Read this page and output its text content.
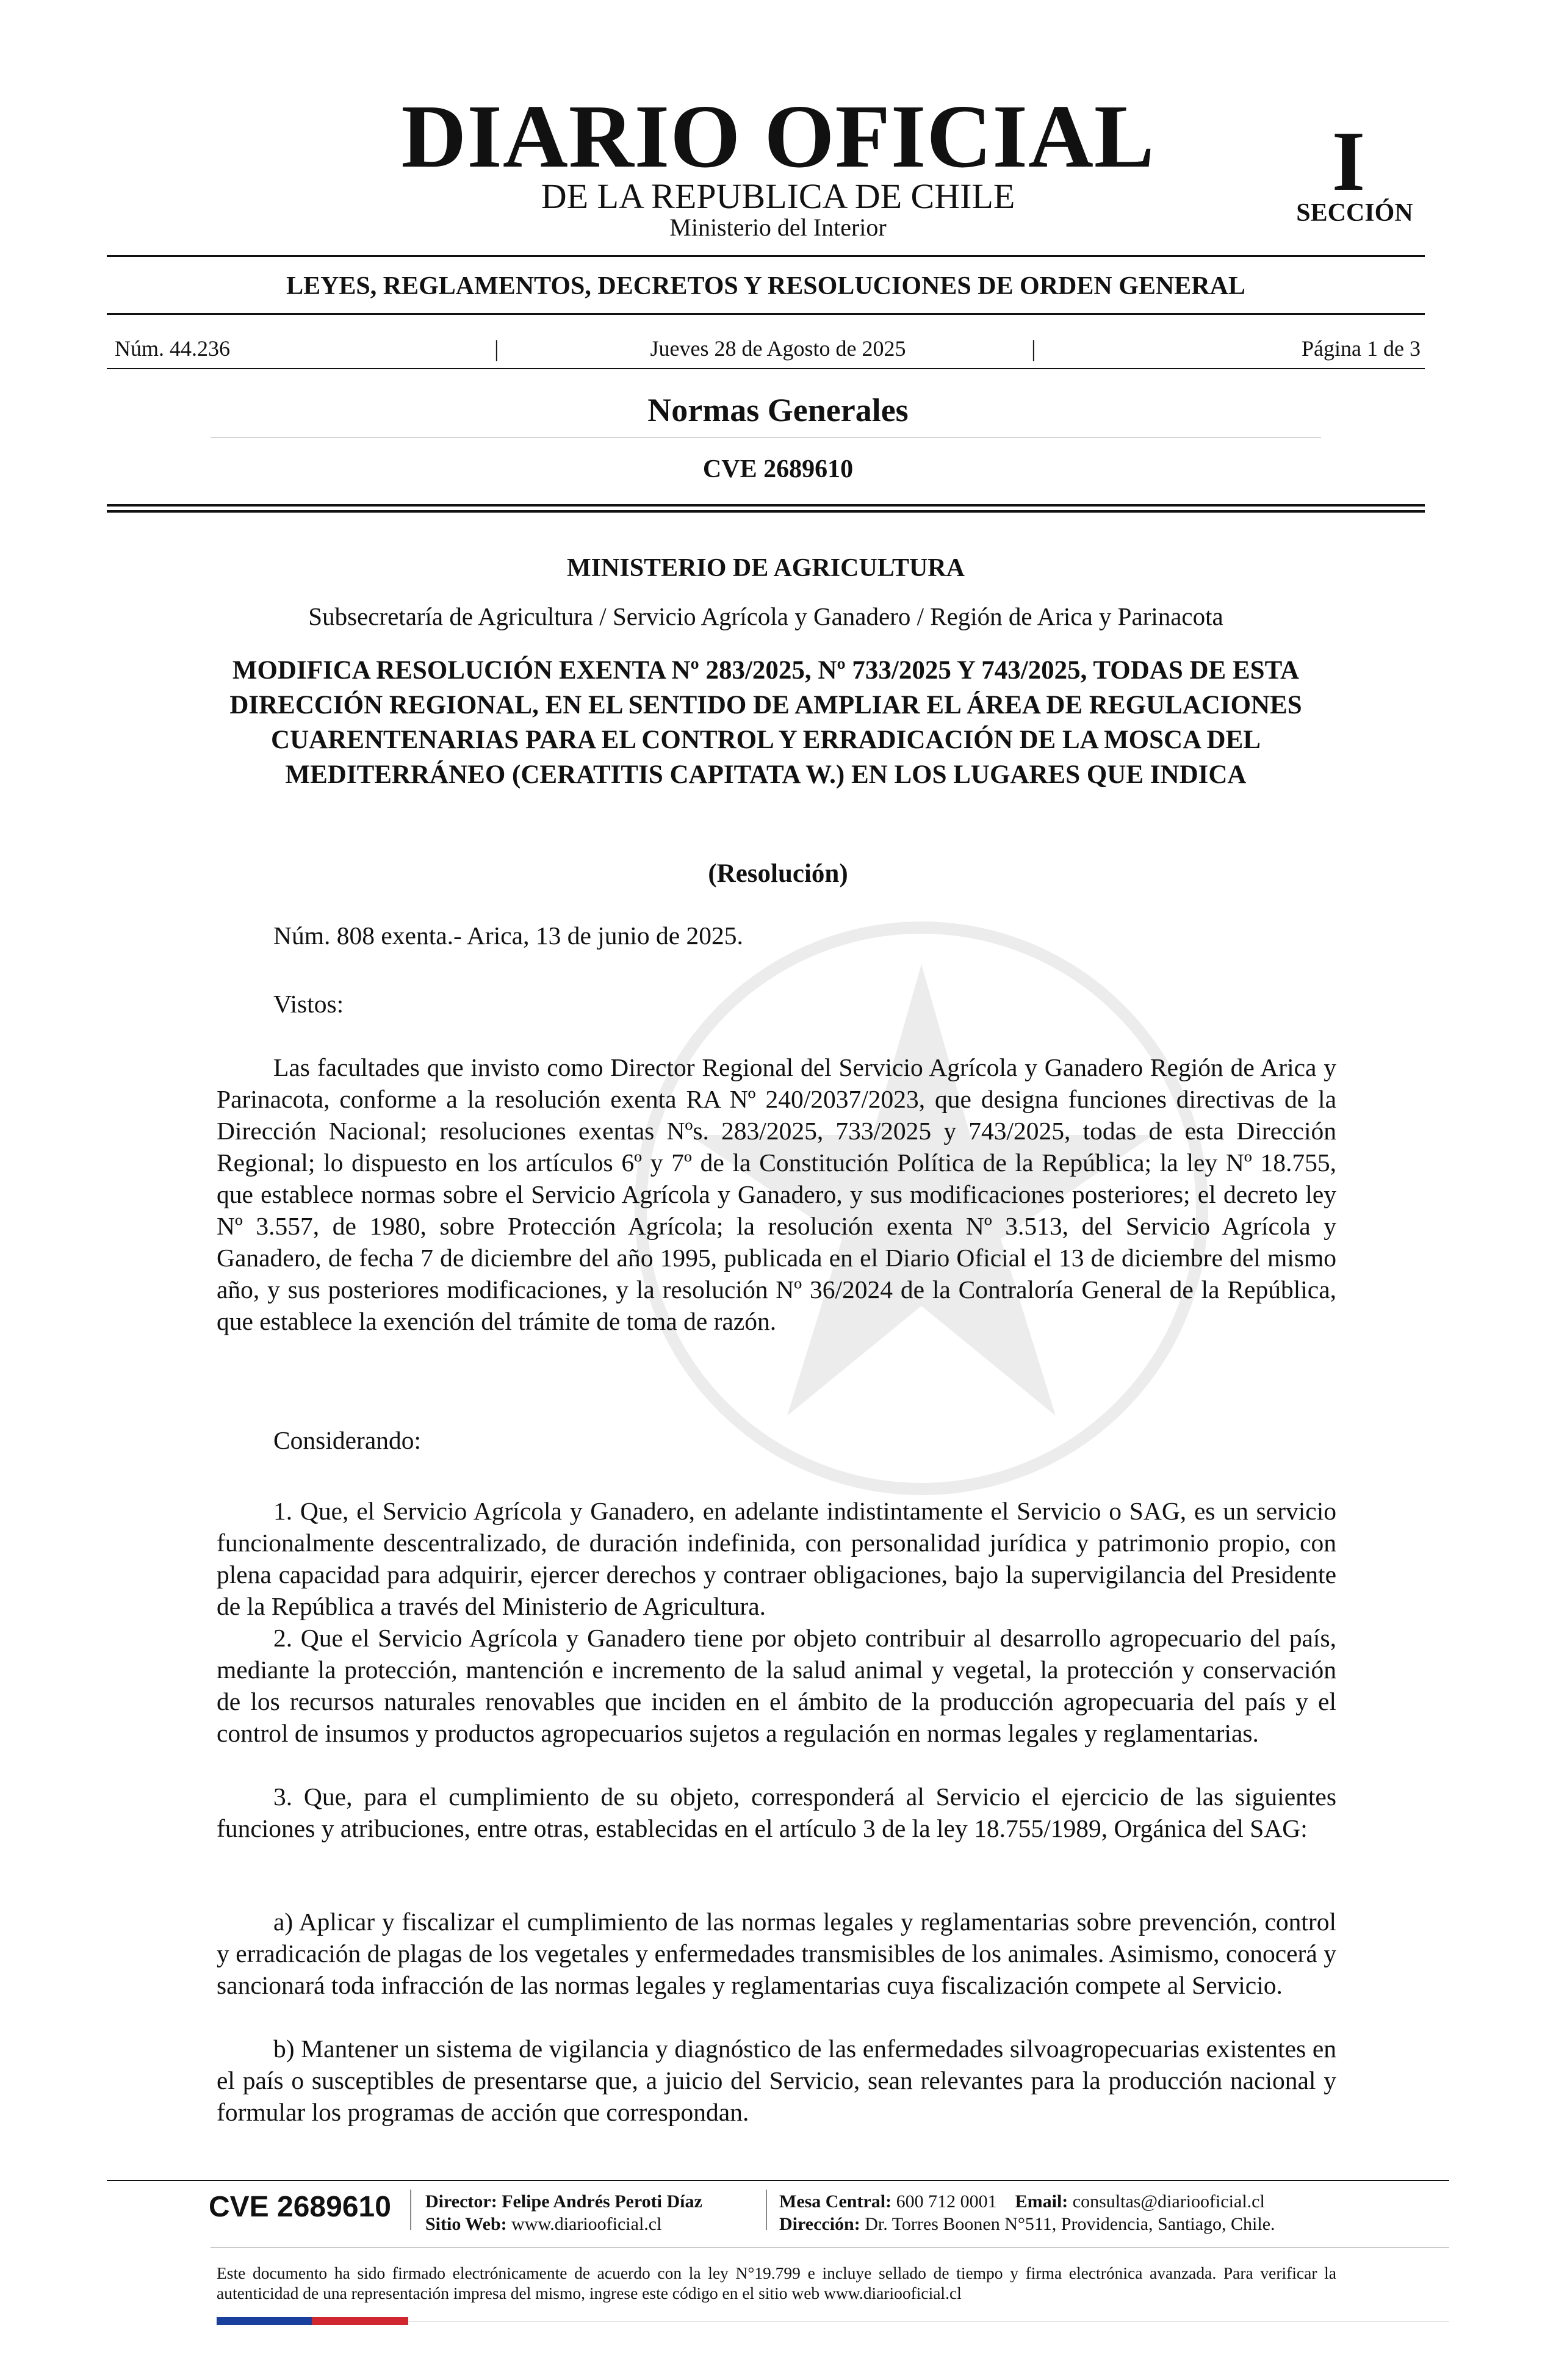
DIARIO OFICIAL
DE LA REPUBLICA DE CHILE
Ministerio del Interior
I
SECCIÓN
LEYES, REGLAMENTOS, DECRETOS Y RESOLUCIONES DE ORDEN GENERAL
Núm. 44.236	|	Jueves 28 de Agosto de 2025	|	Página 1 de 3
Normas Generales
CVE 2689610
MINISTERIO DE AGRICULTURA
Subsecretaría de Agricultura / Servicio Agrícola y Ganadero / Región de Arica y Parinacota
MODIFICA RESOLUCIÓN EXENTA Nº 283/2025, Nº 733/2025 Y 743/2025, TODAS DE ESTA DIRECCIÓN REGIONAL, EN EL SENTIDO DE AMPLIAR EL ÁREA DE REGULACIONES CUARENTENARIAS PARA EL CONTROL Y ERRADICACIÓN DE LA MOSCA DEL MEDITERRÁNEO (CERATITIS CAPITATA W.) EN LOS LUGARES QUE INDICA
(Resolución)
Núm. 808 exenta.- Arica, 13 de junio de 2025.
Vistos:
Las facultades que invisto como Director Regional del Servicio Agrícola y Ganadero Región de Arica y Parinacota, conforme a la resolución exenta RA Nº 240/2037/2023, que designa funciones directivas de la Dirección Nacional; resoluciones exentas Nºs. 283/2025, 733/2025 y 743/2025, todas de esta Dirección Regional; lo dispuesto en los artículos 6º y 7º de la Constitución Política de la República; la ley Nº 18.755, que establece normas sobre el Servicio Agrícola y Ganadero, y sus modificaciones posteriores; el decreto ley Nº 3.557, de 1980, sobre Protección Agrícola; la resolución exenta Nº 3.513, del Servicio Agrícola y Ganadero, de fecha 7 de diciembre del año 1995, publicada en el Diario Oficial el 13 de diciembre del mismo año, y sus posteriores modificaciones, y la resolución Nº 36/2024 de la Contraloría General de la República, que establece la exención del trámite de toma de razón.
Considerando:
1. Que, el Servicio Agrícola y Ganadero, en adelante indistintamente el Servicio o SAG, es un servicio funcionalmente descentralizado, de duración indefinida, con personalidad jurídica y patrimonio propio, con plena capacidad para adquirir, ejercer derechos y contraer obligaciones, bajo la supervigilancia del Presidente de la República a través del Ministerio de Agricultura.
2. Que el Servicio Agrícola y Ganadero tiene por objeto contribuir al desarrollo agropecuario del país, mediante la protección, mantención e incremento de la salud animal y vegetal, la protección y conservación de los recursos naturales renovables que inciden en el ámbito de la producción agropecuaria del país y el control de insumos y productos agropecuarios sujetos a regulación en normas legales y reglamentarias.
3. Que, para el cumplimiento de su objeto, corresponderá al Servicio el ejercicio de las siguientes funciones y atribuciones, entre otras, establecidas en el artículo 3 de la ley 18.755/1989, Orgánica del SAG:
a) Aplicar y fiscalizar el cumplimiento de las normas legales y reglamentarias sobre prevención, control y erradicación de plagas de los vegetales y enfermedades transmisibles de los animales. Asimismo, conocerá y sancionará toda infracción de las normas legales y reglamentarias cuya fiscalización compete al Servicio.
b) Mantener un sistema de vigilancia y diagnóstico de las enfermedades silvoagropecuarias existentes en el país o susceptibles de presentarse que, a juicio del Servicio, sean relevantes para la producción nacional y formular los programas de acción que correspondan.
CVE 2689610 Director: Felipe Andrés Peroti Díaz
Sitio Web: www.diariooficial.cl
Mesa Central: 600 712 0001 Email: consultas@diariooficial.cl
Dirección: Dr. Torres Boonen N°511, Providencia, Santiago, Chile.
Este documento ha sido firmado electrónicamente de acuerdo con la ley N°19.799 e incluye sellado de tiempo y firma electrónica avanzada. Para verificar la autenticidad de una representación impresa del mismo, ingrese este código en el sitio web www.diariooficial.cl
